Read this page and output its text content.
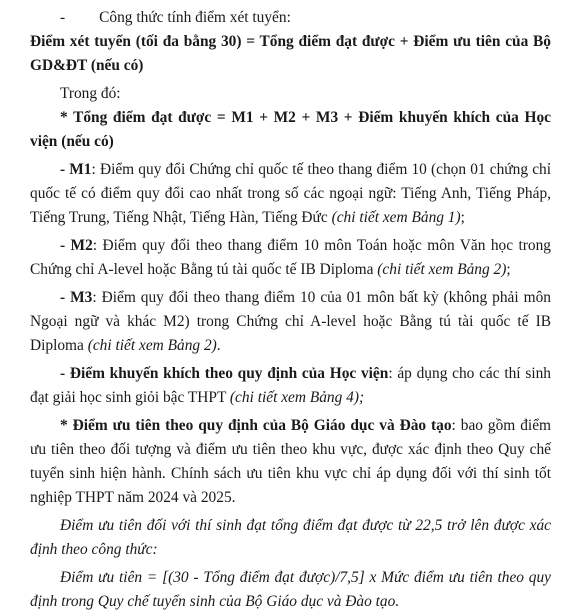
- Công thức tính điểm xét tuyển:

Điểm xét tuyển (tối đa bằng 30) = Tổng điểm đạt được + Điểm ưu tiên của Bộ GD&ĐT (nếu có)

Trong đó:

* Tổng điểm đạt được = M1 + M2 + M3 + Điểm khuyến khích của Học viện (nếu có)

- M1: Điểm quy đổi Chứng chỉ quốc tế theo thang điểm 10 (chọn 01 chứng chỉ quốc tế có điểm quy đổi cao nhất trong số các ngoại ngữ: Tiếng Anh, Tiếng Pháp, Tiếng Trung, Tiếng Nhật, Tiếng Hàn, Tiếng Đức (chi tiết xem Bảng 1);

- M2: Điểm quy đổi theo thang điểm 10 môn Toán hoặc môn Văn học trong Chứng chỉ A-level hoặc Bằng tú tài quốc tế IB Diploma (chi tiết xem Bảng 2);

- M3: Điểm quy đổi theo thang điểm 10 của 01 môn bất kỳ (không phải môn Ngoại ngữ và khác M2) trong Chứng chỉ A-level hoặc Bằng tú tài quốc tế IB Diploma (chi tiết xem Bảng 2).

- Điểm khuyến khích theo quy định của Học viện: áp dụng cho các thí sinh đạt giải học sinh giỏi bậc THPT (chi tiết xem Bảng 4);

* Điểm ưu tiên theo quy định của Bộ Giáo dục và Đào tạo: bao gồm điểm ưu tiên theo đối tượng và điểm ưu tiên theo khu vực, được xác định theo Quy chế tuyển sinh hiện hành. Chính sách ưu tiên khu vực chỉ áp dụng đối với thí sinh tốt nghiệp THPT năm 2024 và 2025.

Điểm ưu tiên đối với thí sinh đạt tổng điểm đạt được từ 22,5 trở lên được xác định theo công thức:

Điểm ưu tiên = [(30 - Tổng điểm đạt được)/7,5] x Mức điểm ưu tiên theo quy định trong Quy chế tuyển sinh của Bộ Giáo dục và Đào tạo.
